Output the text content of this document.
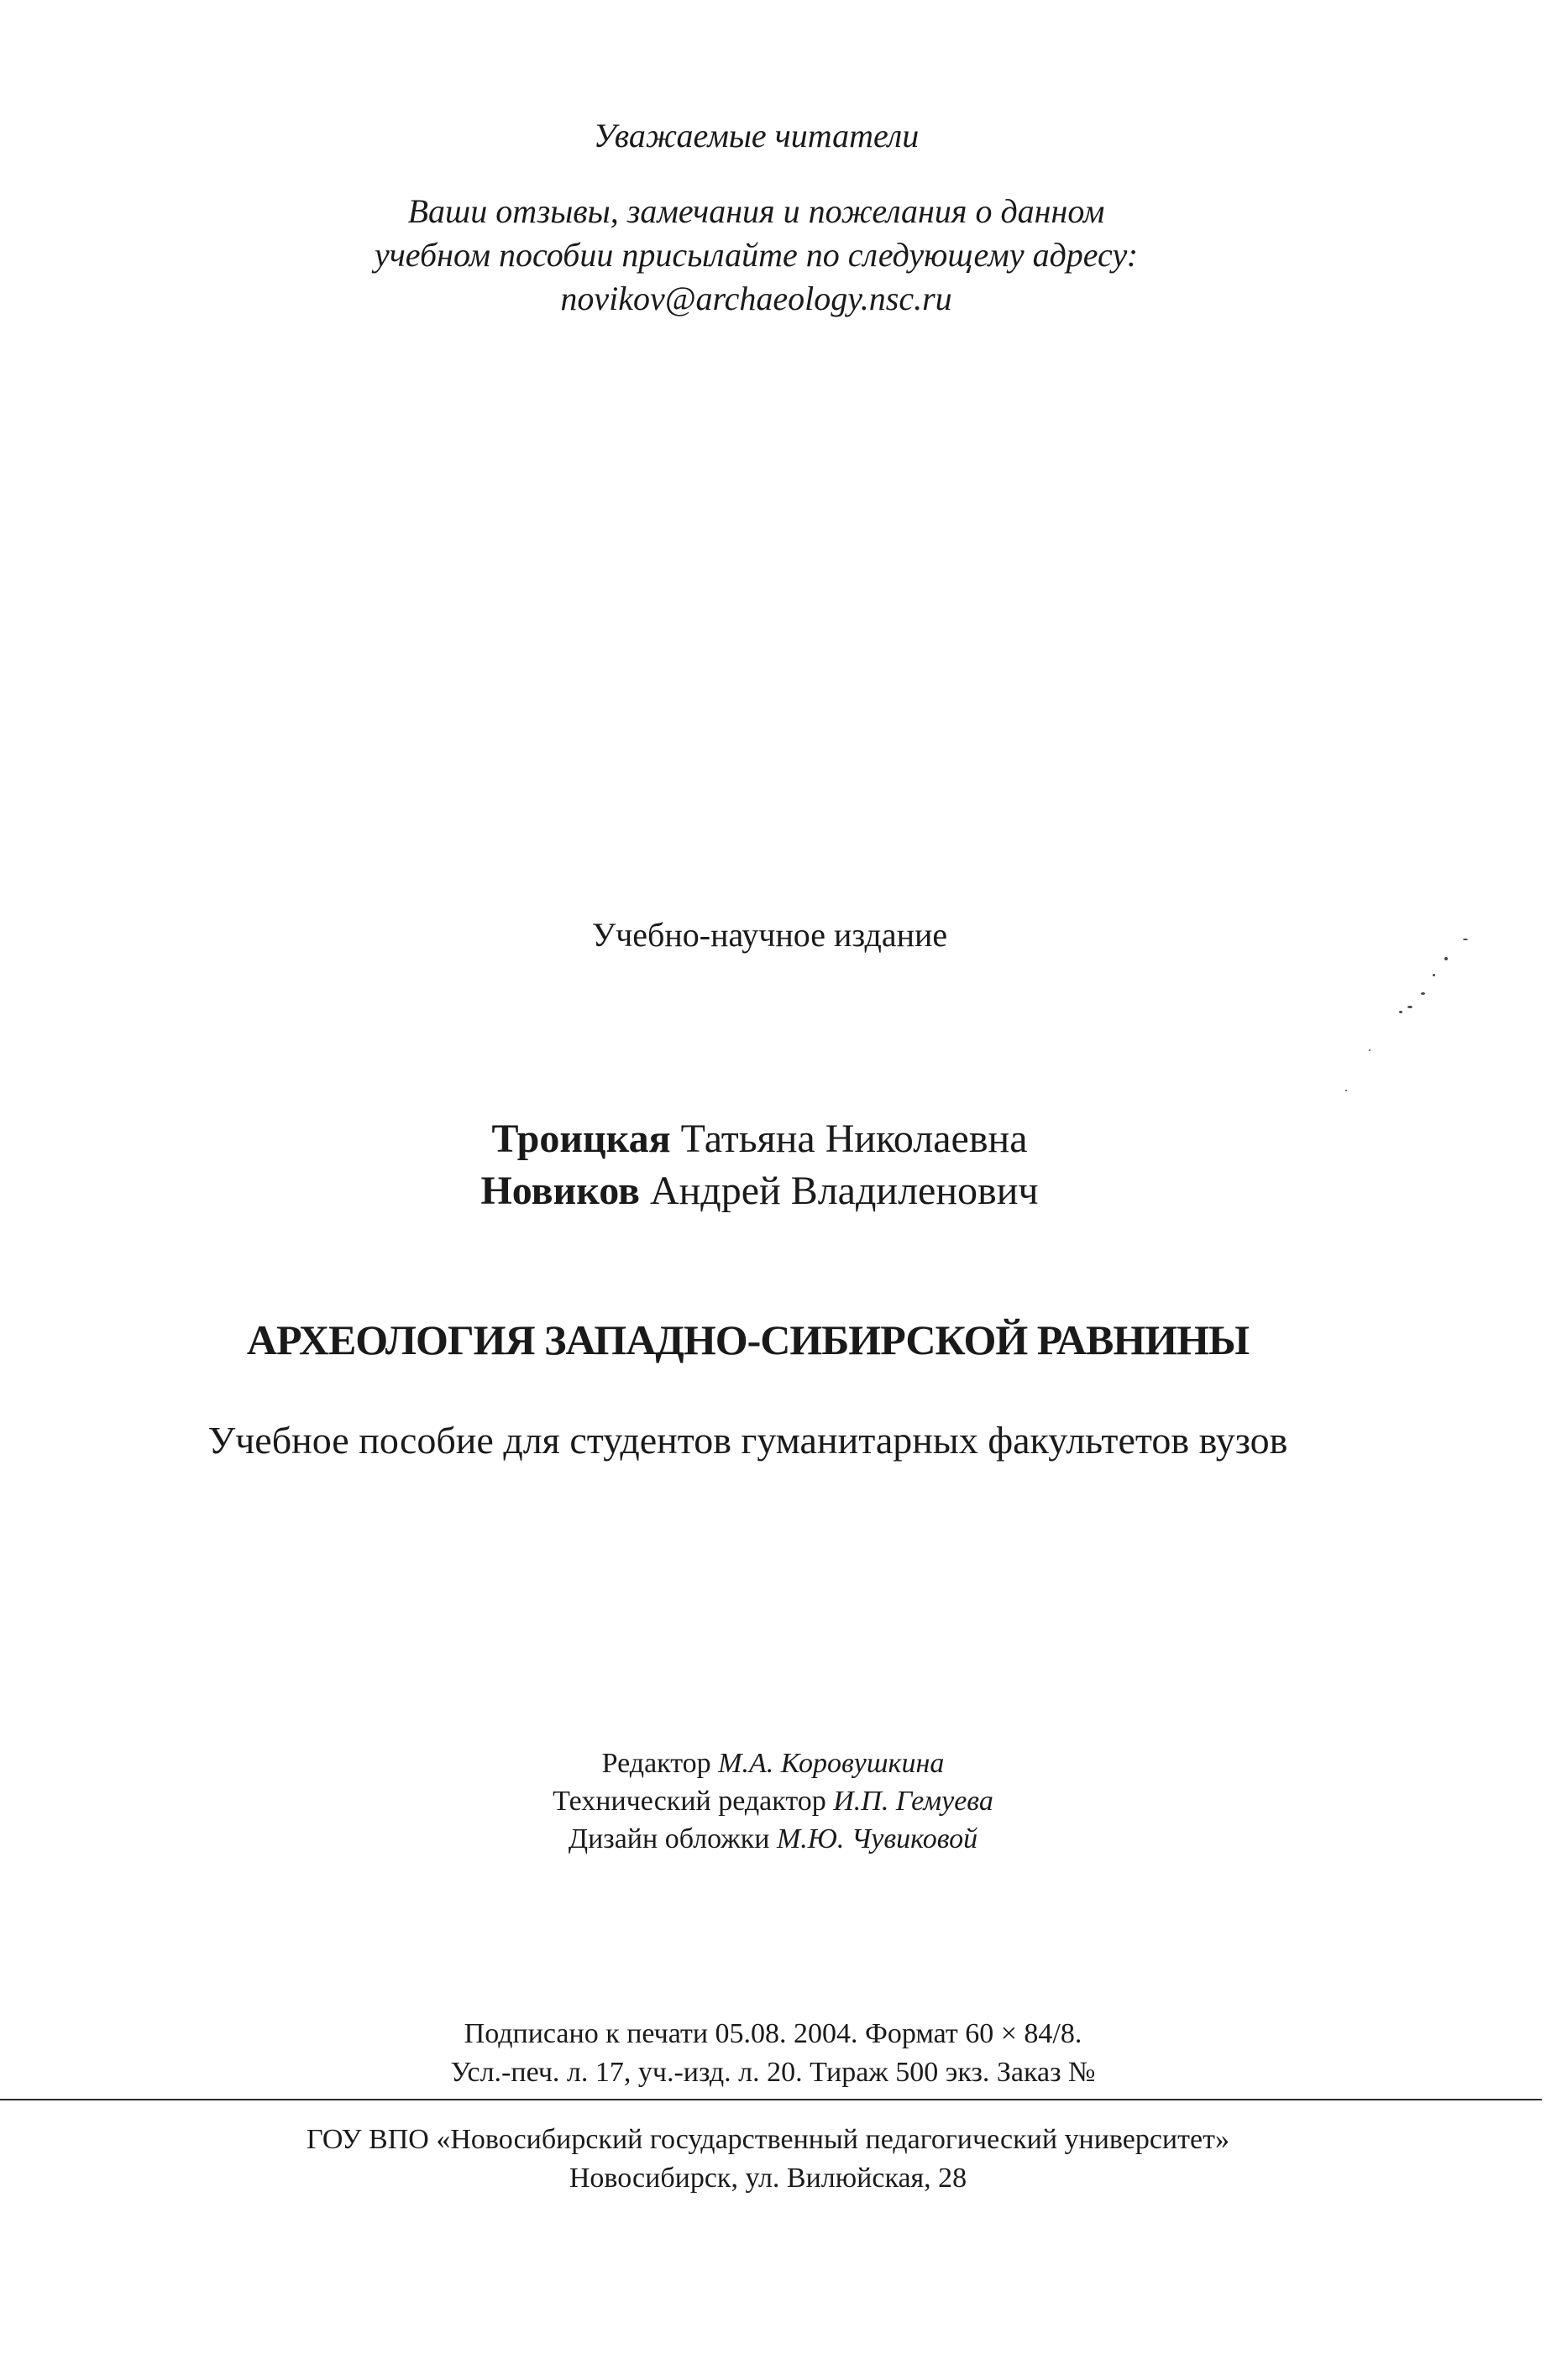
Уважаемые читатели
Ваши отзывы, замечания и пожелания о данном
учебном пособии присылайте по следующему адресу:
novikov@archaeology.nsc.ru
Учебно-научное издание
Троицкая Татьяна Николаевна
Новиков Андрей Владиленович
АРХЕОЛОГИЯ ЗАПАДНО-СИБИРСКОЙ РАВНИНЫ
Учебное пособие для студентов гуманитарных факультетов вузов
Редактор М.А. Коровушкина
Технический редактор И.П. Гемуева
Дизайн обложки М.Ю. Чувиковой
Подписано к печати 05.08. 2004. Формат 60 × 84/8.
Усл.-печ. л. 17, уч.-изд. л. 20. Тираж 500 экз. Заказ №
ГОУ ВПО «Новосибирский государственный педагогический университет»
Новосибирск, ул. Вилюйская, 28
